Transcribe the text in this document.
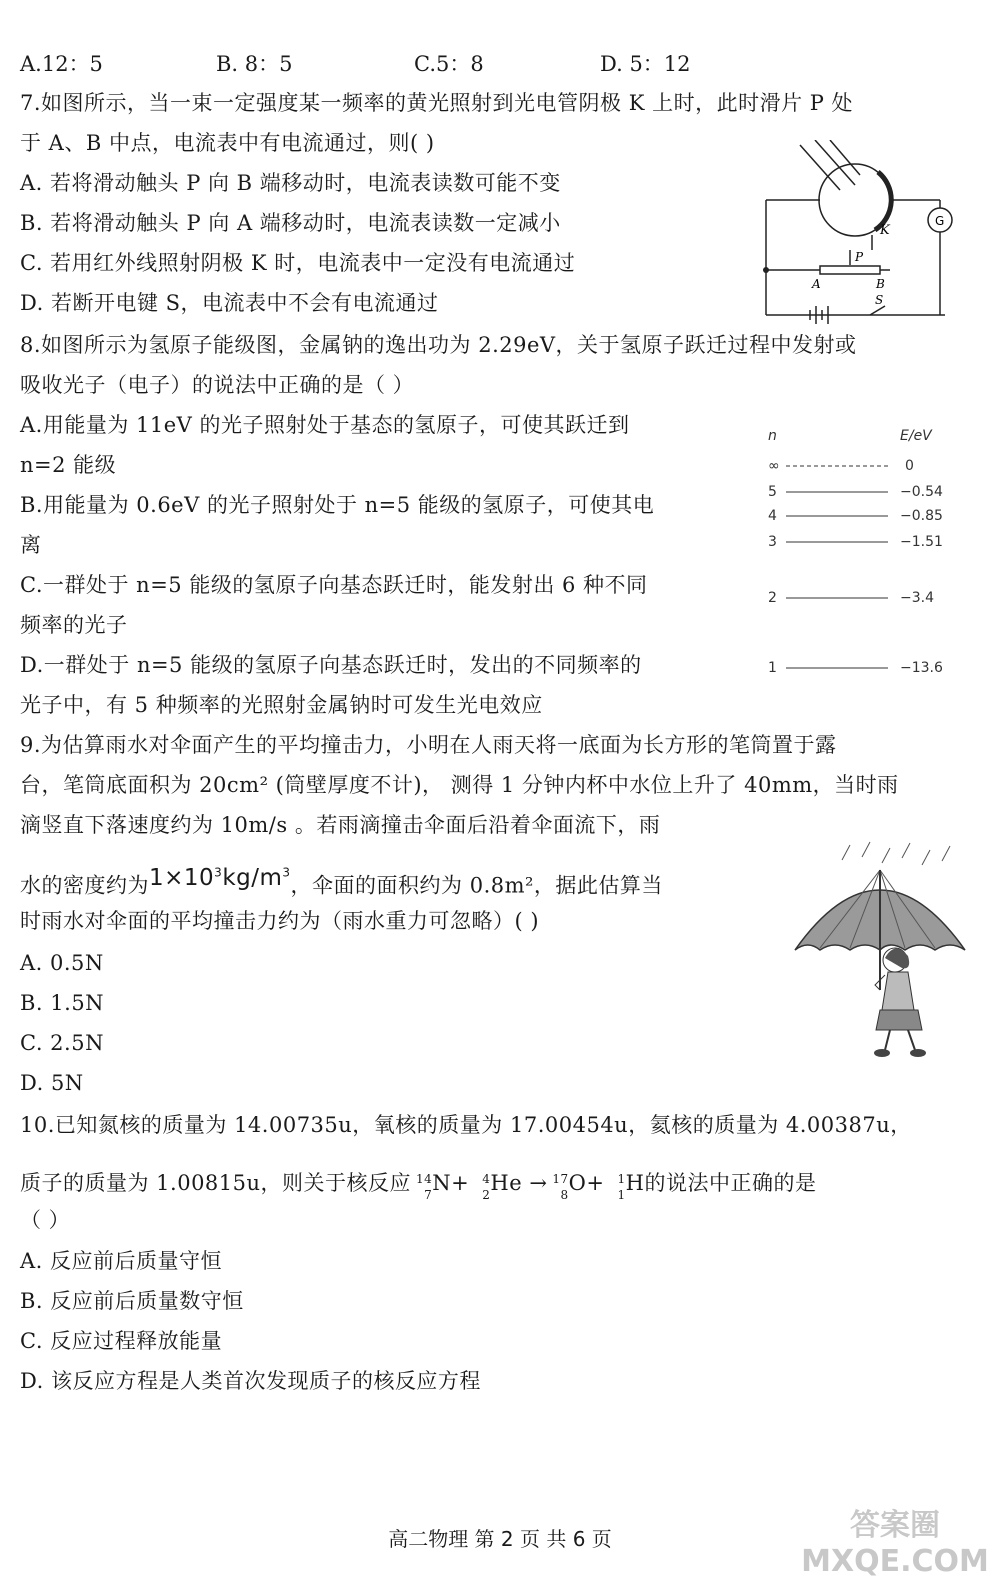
A.12：5	B. 8：5	C.5：8	D. 5：12
7.如图所示，当一束一定强度某一频率的黄光照射到光电管阴极 K 上时，此时滑片 P 处
于 A、B 中点，电流表中有电流通过，则( )
A. 若将滑动触头 P 向 B 端移动时，电流表读数可能不变
B. 若将滑动触头 P 向 A 端移动时，电流表读数一定减小
C. 若用红外线照射阴极 K 时，电流表中一定没有电流通过
D. 若断开电键 S，电流表中不会有电流通过
K
G
P
A	B
S
8.如图所示为氢原子能级图，金属钠的逸出功为 2.29eV，关于氢原子跃迁过程中发射或
吸收光子（电子）的说法中正确的是（ ）
A.用能量为 11eV 的光子照射处于基态的氢原子，可使其跃迁到
n=2 能级
B.用能量为 0.6eV 的光子照射处于 n=5 能级的氢原子，可使其电
离
C.一群处于 n=5 能级的氢原子向基态跃迁时，能发射出 6 种不同
频率的光子
D.一群处于 n=5 能级的氢原子向基态跃迁时，发出的不同频率的
光子中，有 5 种频率的光照射金属钠时可发生光电效应
n	E/eV
∞	0
5	−0.54
4	−0.85
3	−1.51
2	−3.4
1	−13.6
9.为估算雨水对伞面产生的平均撞击力，小明在人雨天将一底面为长方形的笔筒置于露
台，笔筒底面积为 20cm² (筒壁厚度不计)， 测得 1 分钟内杯中水位上升了 40mm，当时雨
滴竖直下落速度约为 10m/s 。若雨滴撞击伞面后沿着伞面流下，雨
水的密度约为$1\times 10^3kg/m^3$，伞面的面积约为 0.8m²，据此估算当
时雨水对伞面的平均撞击力约为（雨水重力可忽略）( )
A. 0.5N
B. 1.5N
C. 2.5N
D. 5N
10.已知氮核的质量为 14.00735u，氧核的质量为 17.00454u，氦核的质量为 4.00387u，
质子的质量为 1.00815u，则关于核反应 14
7 N+ 4
2 He → 17
8 O+ 1
1 H的说法中正确的是
（ ）
A. 反应前后质量守恒
B. 反应前后质量数守恒
C. 反应过程释放能量
D. 该反应方程是人类首次发现质子的核反应方程
高二物理 第 2 页 共 6 页	答案圈 MXQE.COM
